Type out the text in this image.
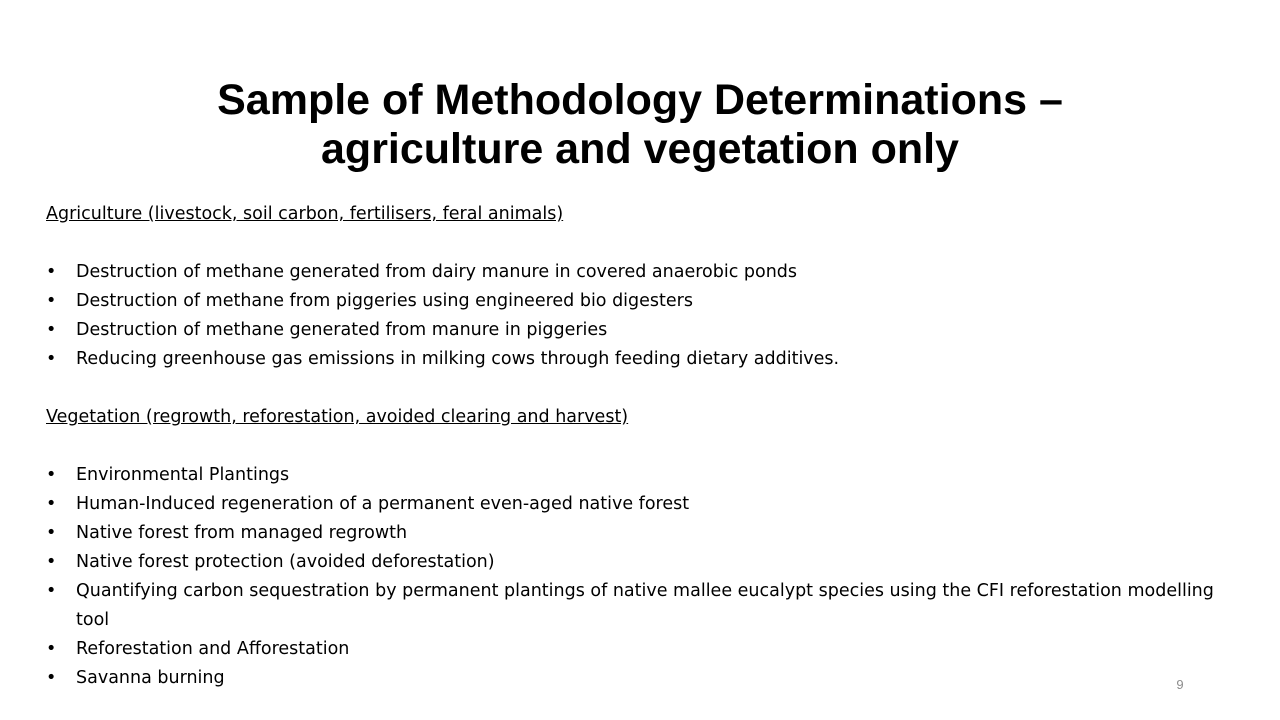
Sample of Methodology Determinations –
agriculture and vegetation only

Agriculture (livestock, soil carbon, fertilisers, feral animals)

• Destruction of methane generated from dairy manure in covered anaerobic ponds
• Destruction of methane from piggeries using engineered bio digesters
• Destruction of methane generated from manure in piggeries
• Reducing greenhouse gas emissions in milking cows through feeding dietary additives.

Vegetation (regrowth, reforestation, avoided clearing and harvest)

• Environmental Plantings
• Human-Induced regeneration of a permanent even-aged native forest
• Native forest from managed regrowth
• Native forest protection (avoided deforestation)
• Quantifying carbon sequestration by permanent plantings of native mallee eucalypt species using the CFI reforestation modelling tool
• Reforestation and Afforestation
• Savanna burning	9
